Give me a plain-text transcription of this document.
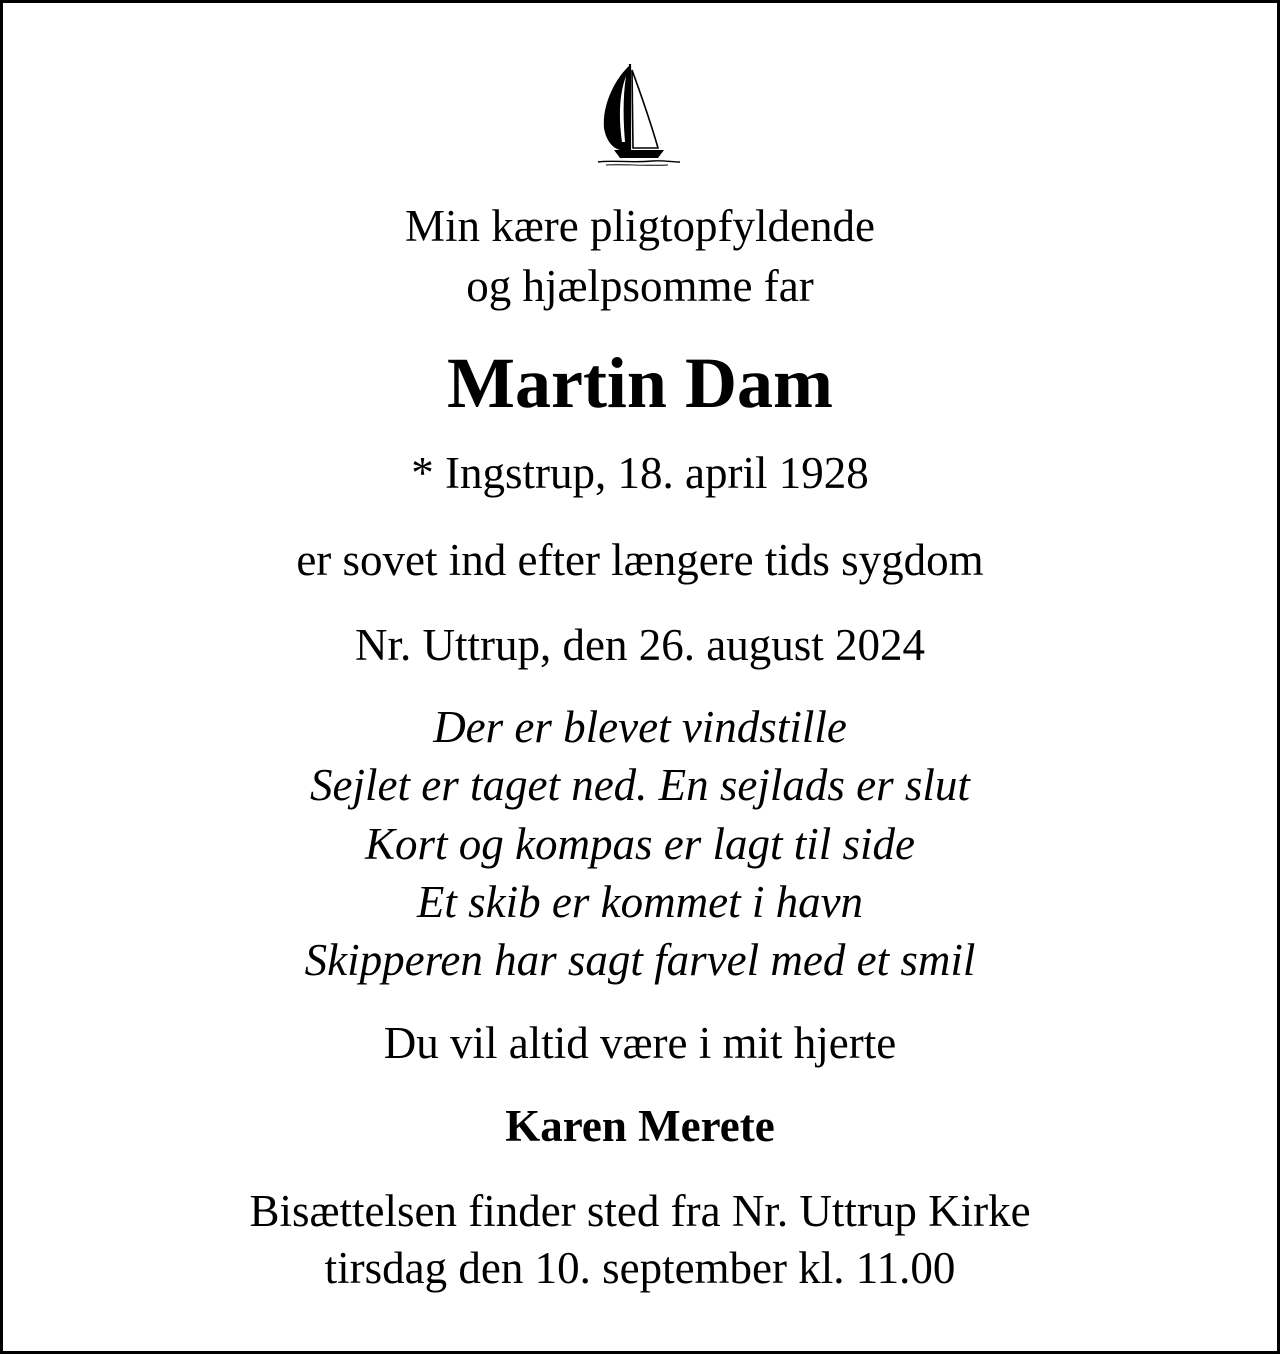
Min kære pligtopfyldende
og hjælpsomme far
Martin Dam
* Ingstrup, 18. april 1928
er sovet ind efter længere tids sygdom
Nr. Uttrup, den 26. august 2024
Der er blevet vindstille
Sejlet er taget ned. En sejlads er slut
Kort og kompas er lagt til side
Et skib er kommet i havn
Skipperen har sagt farvel med et smil
Du vil altid være i mit hjerte
Karen Merete
Bisættelsen finder sted fra Nr. Uttrup Kirke
tirsdag den 10. september kl. 11.00
